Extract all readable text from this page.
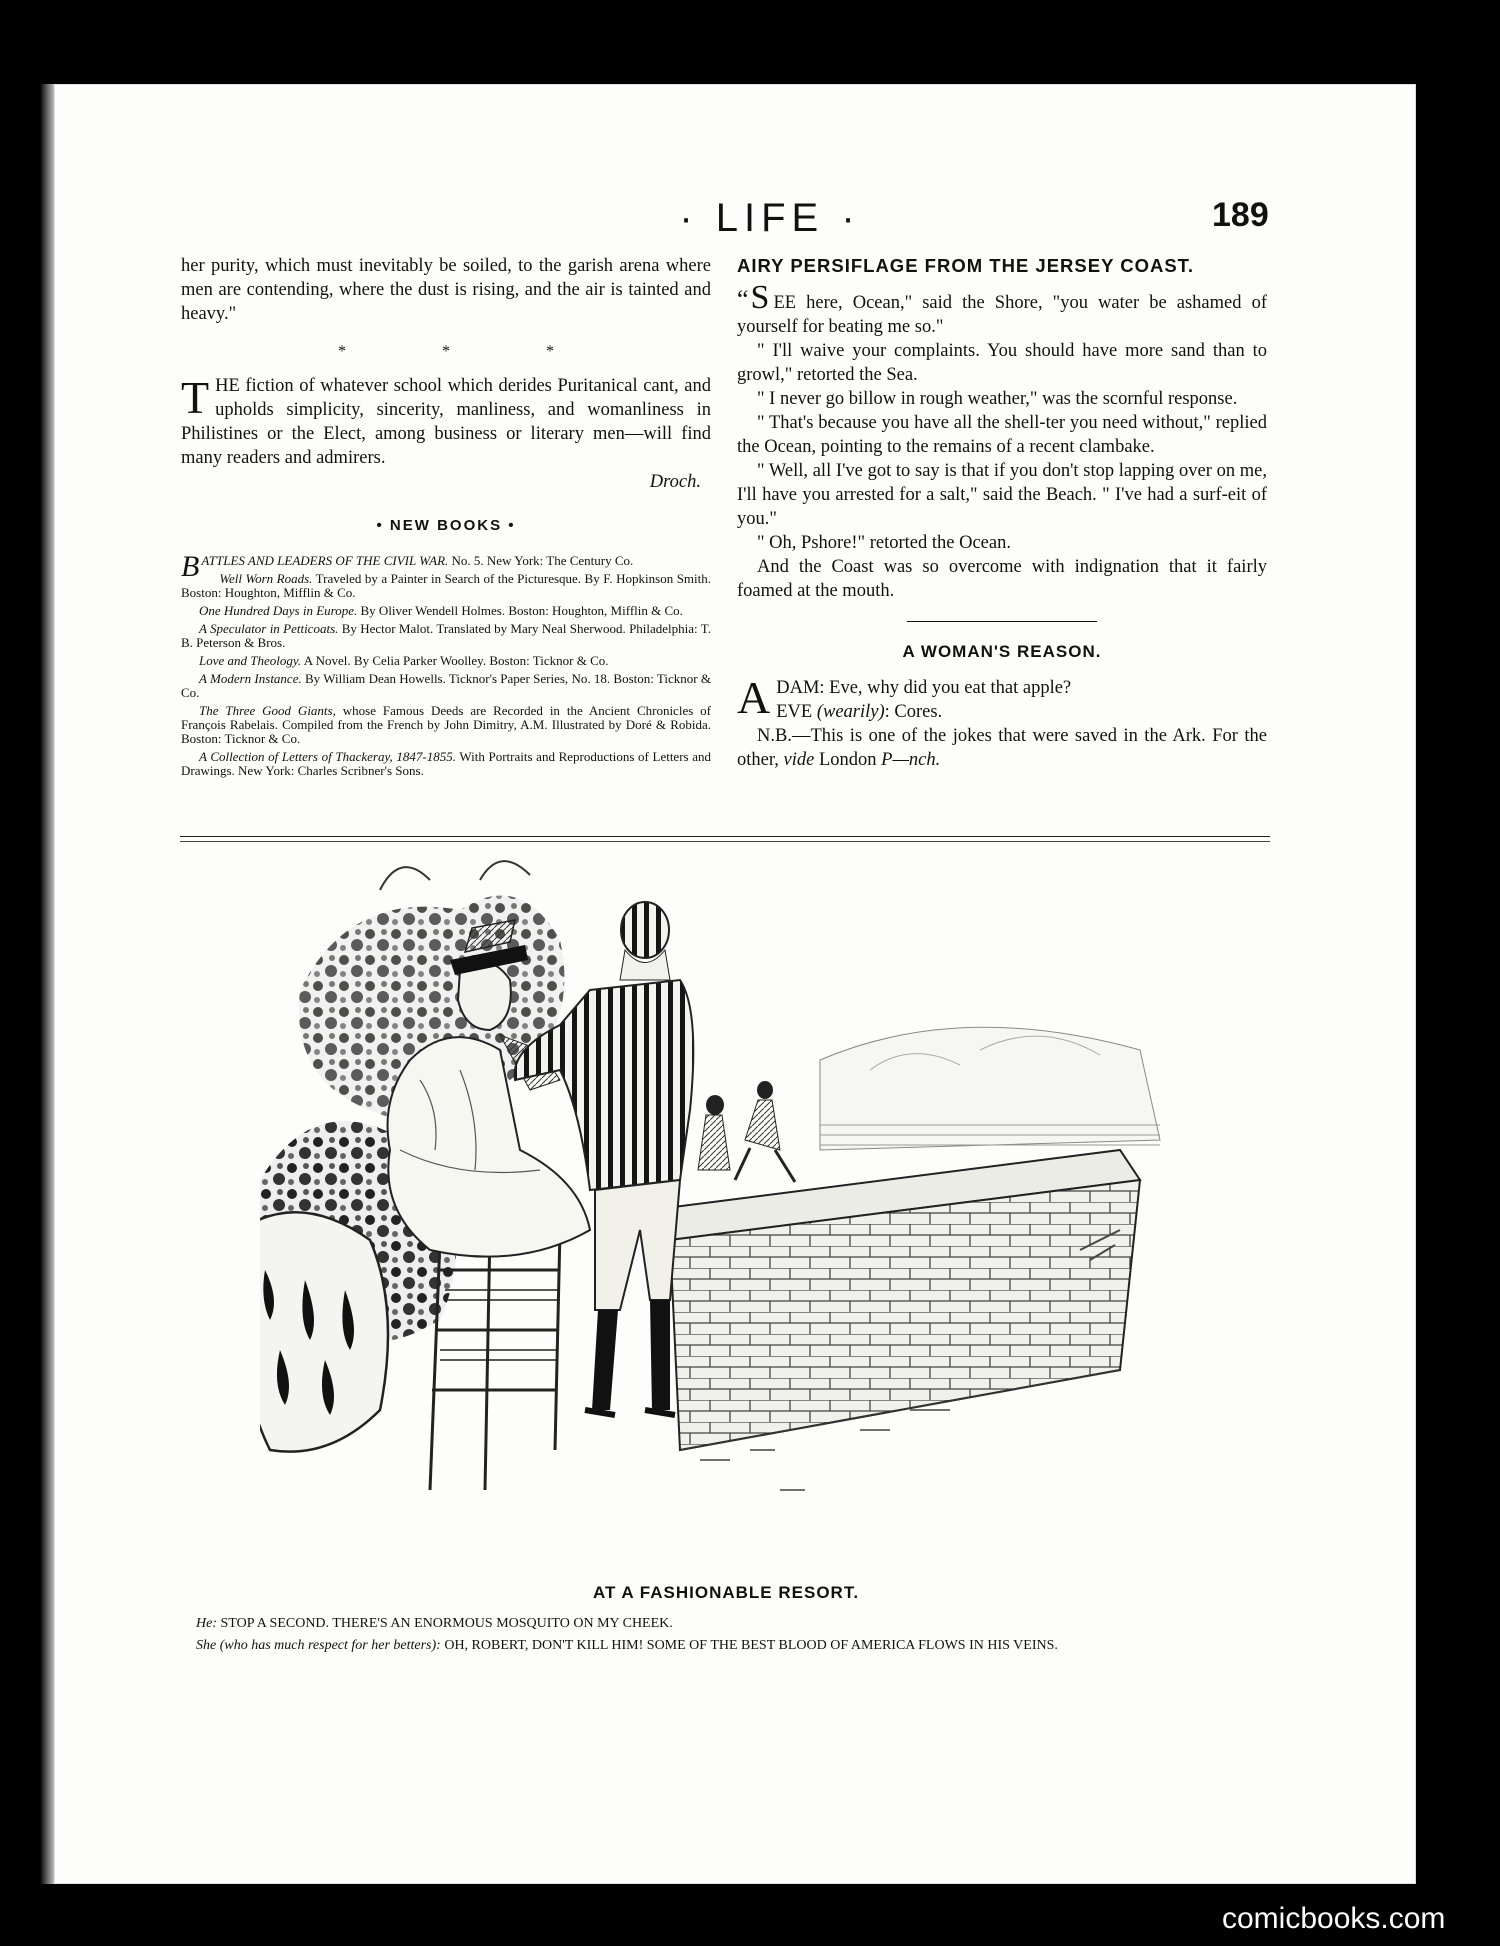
· LIFE ·	189

her purity, which must inevitably be soiled, to the garish arena where men are contending, where the dust is rising, and the air is tainted and heavy."

* * *

THE fiction of whatever school which derides Puritanical cant, and upholds simplicity, sincerity, manliness, and womanliness in Philistines or the Elect, among business or literary men—will find many readers and admirers.

Droch.

• NEW BOOKS •

BATTLES AND LEADERS OF THE CIVIL WAR. No. 5. New York: The Century Co.

Well Worn Roads. Traveled by a Painter in Search of the Picturesque. By F. Hopkinson Smith. Boston: Houghton, Mifflin & Co.

One Hundred Days in Europe. By Oliver Wendell Holmes. Boston: Houghton, Mifflin & Co.

A Speculator in Petticoats. By Hector Malot. Translated by Mary Neal Sherwood. Philadelphia: T. B. Peterson & Bros.

Love and Theology. A Novel. By Celia Parker Woolley. Boston: Ticknor & Co.

A Modern Instance. By William Dean Howells. Ticknor's Paper Series, No. 18. Boston: Ticknor & Co.

The Three Good Giants, whose Famous Deeds are Recorded in the Ancient Chronicles of François Rabelais. Compiled from the French by John Dimitry, A.M. Illustrated by Doré & Robida. Boston: Ticknor & Co.

A Collection of Letters of Thackeray, 1847-1855. With Portraits and Reproductions of Letters and Drawings. New York: Charles Scribner's Sons.

AIRY PERSIFLAGE FROM THE JERSEY COAST.

“S EE here, Ocean," said the Shore, "you water be ashamed of yourself for beating me so."

" I'll waive your complaints. You should have more sand than to growl," retorted the Sea.

" I never go billow in rough weather," was the scornful response.

" That's because you have all the shell-ter you need without," replied the Ocean, pointing to the remains of a recent clambake.

" Well, all I've got to say is that if you don't stop lapping over on me, I'll have you arrested for a salt," said the Beach. " I've had a surf-eit of you."

" Oh, Pshore!" retorted the Ocean.

And the Coast was so overcome with indignation that it fairly foamed at the mouth.

A WOMAN'S REASON.

ADAM: Eve, why did you eat that apple?

EVE (wearily): Cores.

N.B.—This is one of the jokes that were saved in the Ark. For the other, vide London P—nch.

AT A FASHIONABLE RESORT.
He: STOP A SECOND. THERE'S AN ENORMOUS MOSQUITO ON MY CHEEK.
She (who has much respect for her betters): OH, ROBERT, DON'T KILL HIM! SOME OF THE BEST BLOOD OF AMERICA FLOWS IN HIS VEINS.
comicbooks.com
